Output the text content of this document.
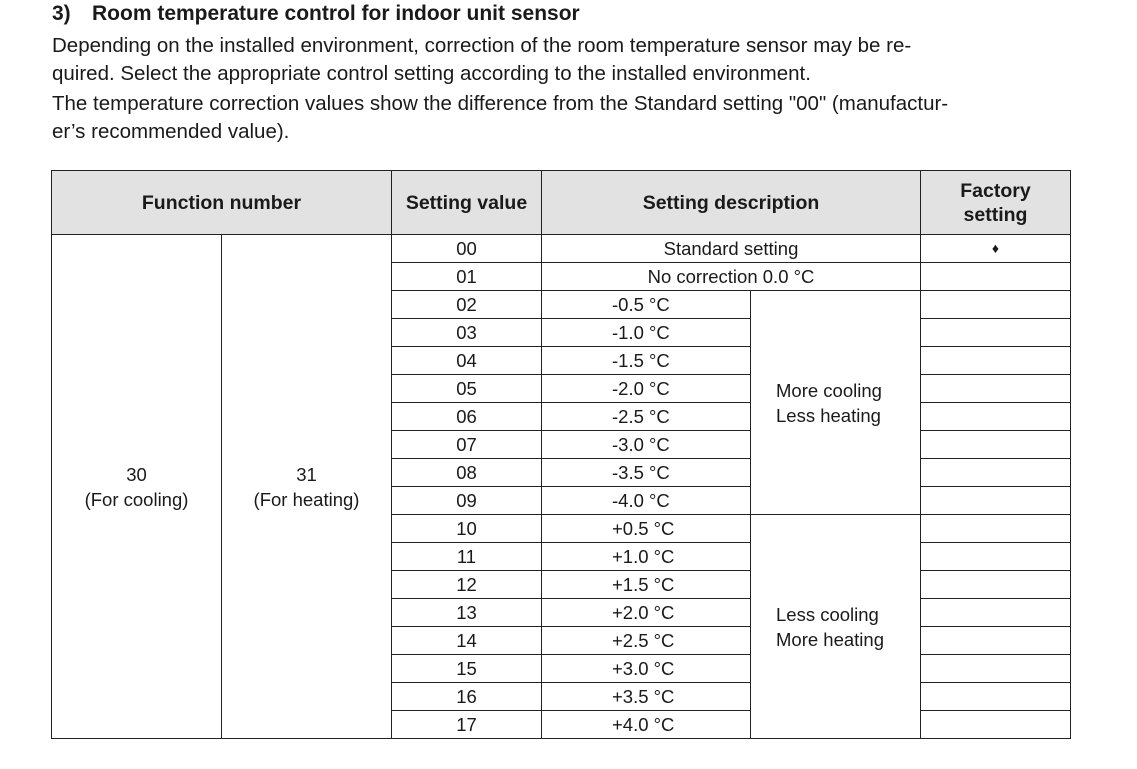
3) Room temperature control for indoor unit sensor

Depending on the installed environment, correction of the room temperature sensor may be re-
quired. Select the appropriate control setting according to the installed environment.

The temperature correction values show the difference from the Standard setting "00" (manufactur-
er’s recommended value).

Function number		Setting value	Setting description		Factory
setting
30
(For cooling)	31
(For heating)	00	Standard setting		♦
		01	No correction 0.0 °C		
		02	-0.5 °C	More cooling
Less heating	
		03	-1.0 °C		
		04	-1.5 °C		
		05	-2.0 °C		
		06	-2.5 °C		
		07	-3.0 °C		
		08	-3.5 °C		
		09	-4.0 °C		
		10	+0.5 °C	Less cooling
More heating	
		11	+1.0 °C		
		12	+1.5 °C		
		13	+2.0 °C		
		14	+2.5 °C		
		15	+3.0 °C		
		16	+3.5 °C		
		17	+4.0 °C		
